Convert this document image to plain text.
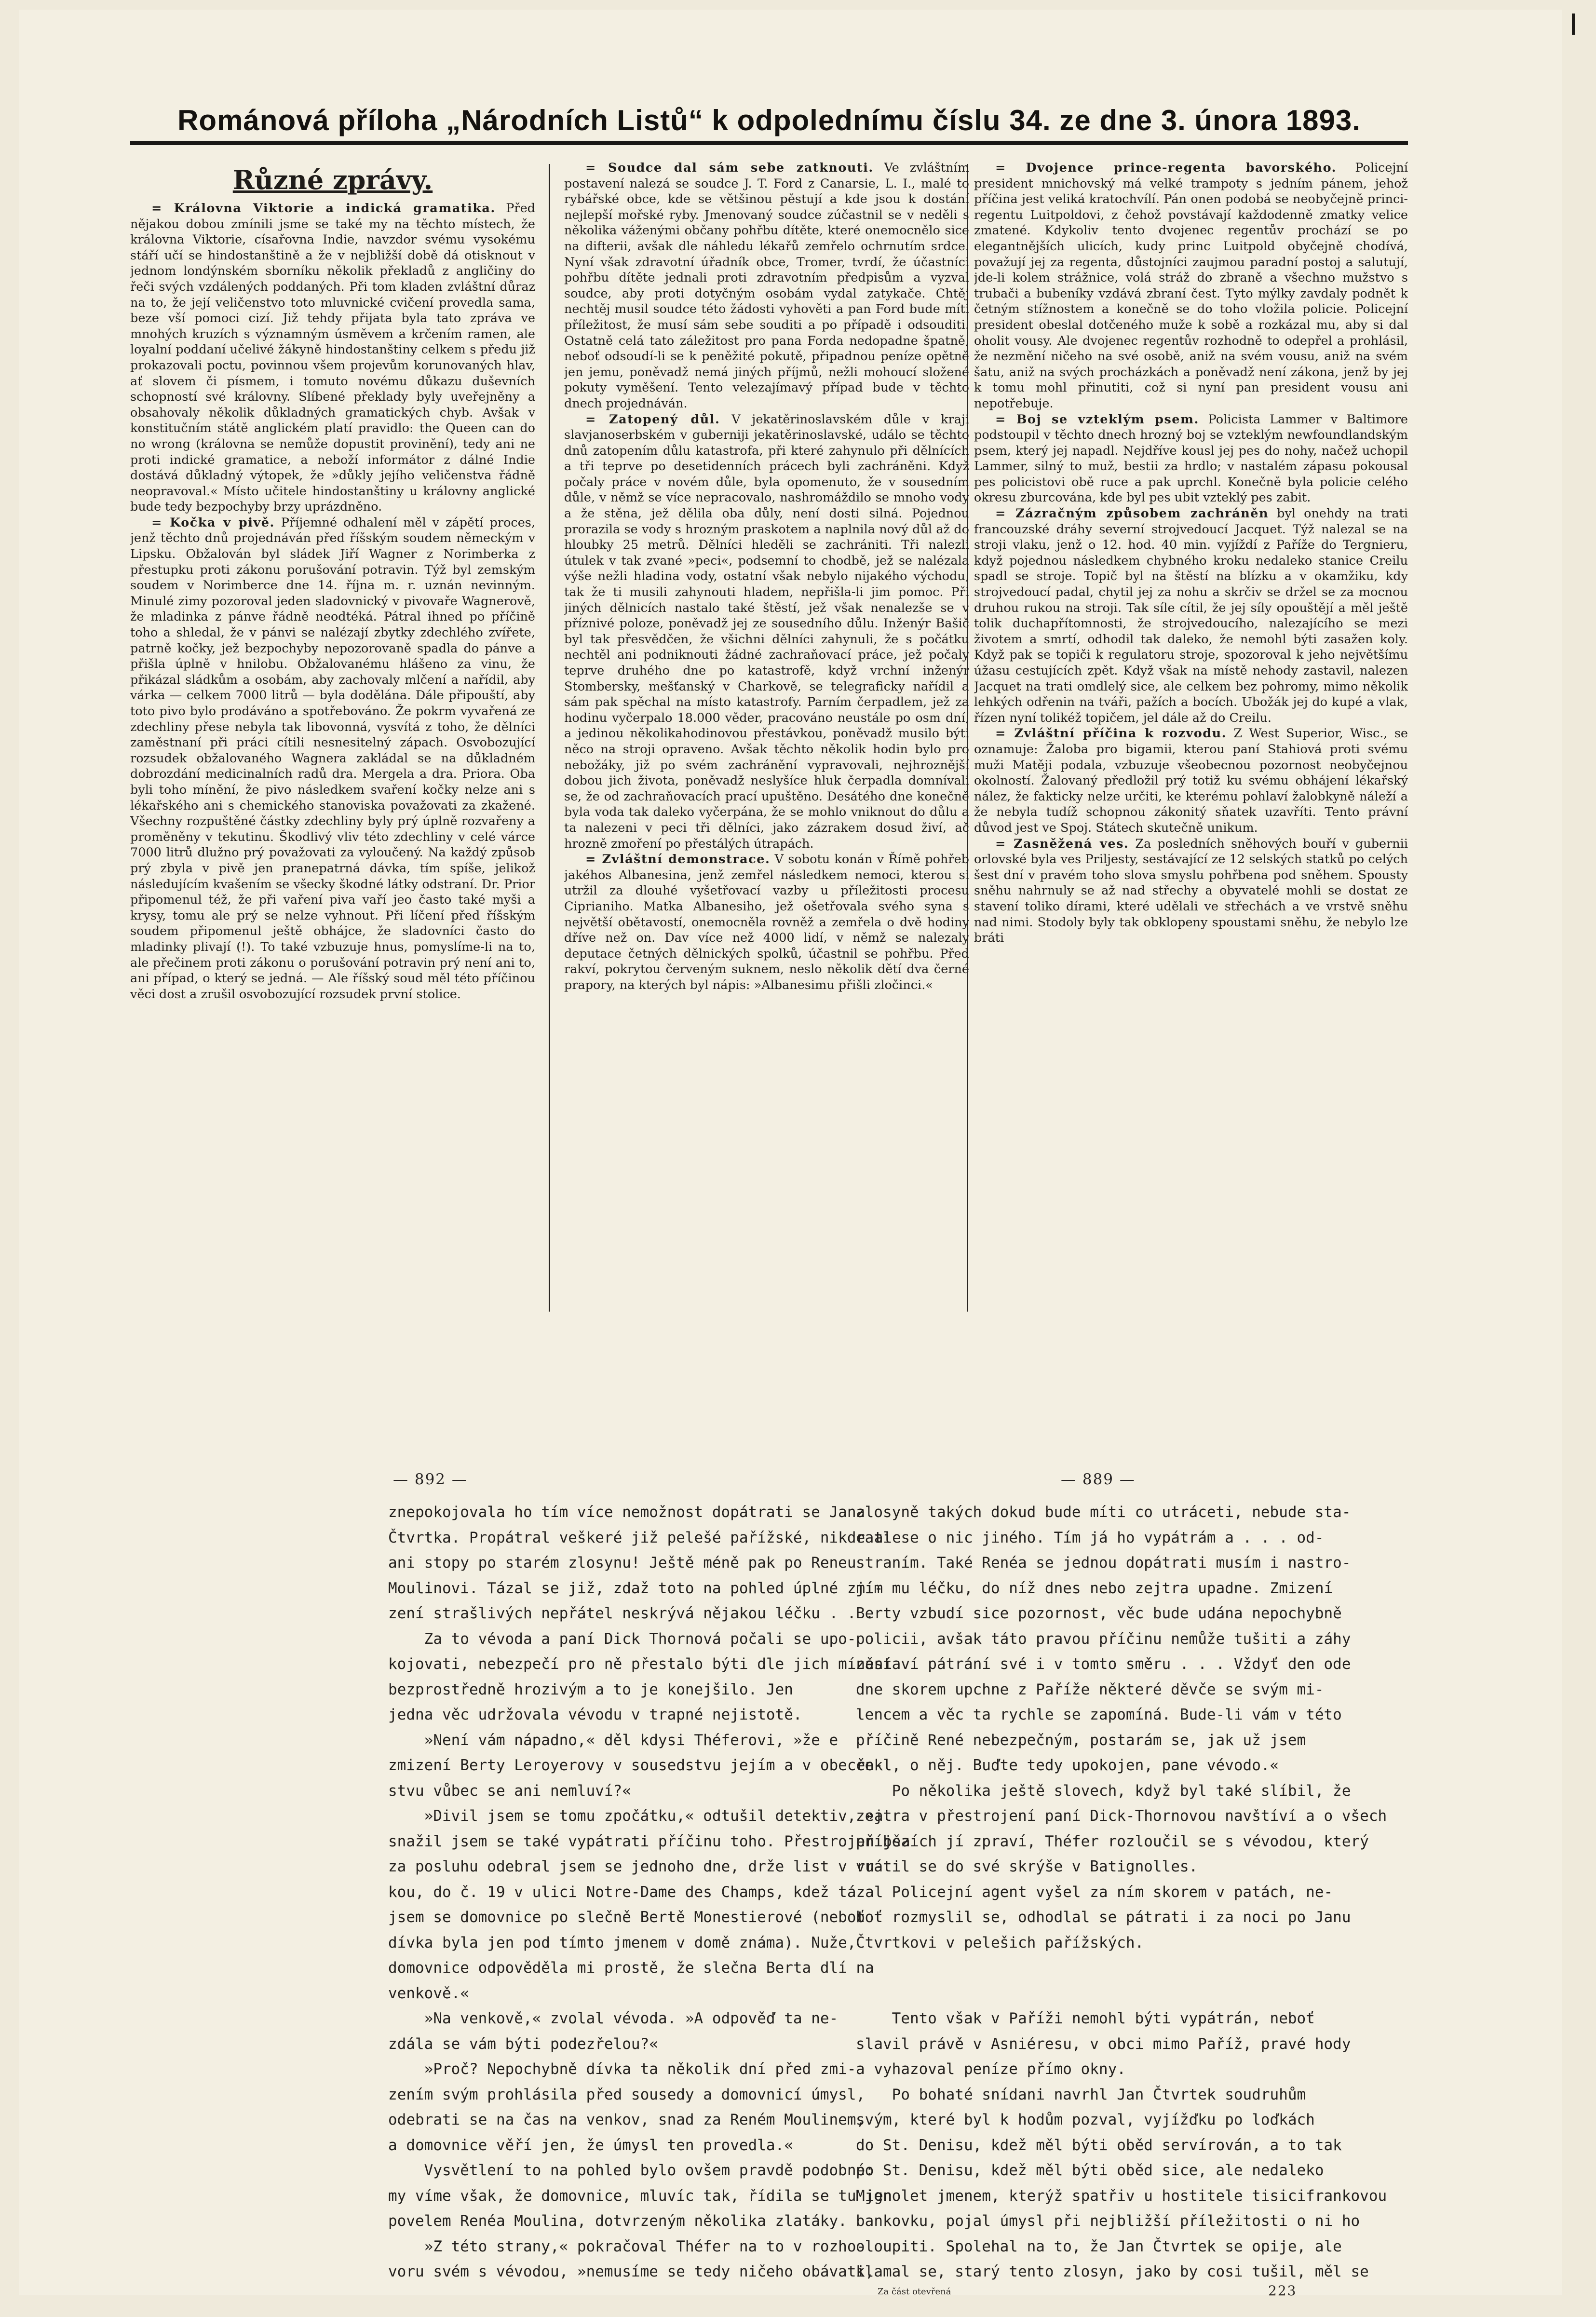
Románová příloha „Národních Listů“ k odpolednímu číslu 34. ze dne 3. února 1893.

Různé zprávy.

= Královna Viktorie a indická gramatika. Před nějakou dobou zmínili jsme se také my na těchto místech, že královna Viktorie, císařovna Indie, navzdor svému vysokému stáří učí se hindostanštině a že v nejbližší době dá otisknout v jednom londýnském sborníku několik překladů z angličiny do řeči svých vzdálených poddaných. Při tom kladen zvláštní důraz na to, že její veličenstvo toto mluvnické cvičení provedla sama, beze vší pomoci cizí. Již tehdy přijata byla tato zpráva ve mnohých kruzích s významným úsměvem a krčením ramen, ale loyalní poddaní učelivé žákyně hindostanštiny celkem s předu již prokazovali poctu, povinnou všem projevům korunovaných hlav, ať slovem či písmem, i tomuto novému důkazu duševních schopností své královny. Slíbené překlady byly uveřejněny a obsahovaly několik důkladných gramatických chyb. Avšak v konstitučním státě anglickém platí pravidlo: the Queen can do no wrong (královna se nemůže dopustit provinění), tedy ani ne proti indické gramatice, a neboží informátor z dálné Indie dostává důkladný výtopek, že »důkly jejího veličenstva řádně neopravoval.« Místo učitele hindostanštiny u královny anglické bude tedy bezpochyby brzy uprázdněno.

= Kočka v pivě. Příjemné odhalení měl v zápětí proces, jenž těchto dnů projednáván před říšským soudem německým v Lipsku. Obžalován byl sládek Jiří Wagner z Norimberka z přestupku proti zákonu porušování potravin. Týž byl zemským soudem v Norimberce dne 14. října m. r. uznán nevinným. Minulé zimy pozoroval jeden sladovnický v pivovaře Wagnerově, že mladinka z pánve řádně neodtéká. Pátral ihned po příčině toho a shledal, že v pánvi se nalézají zbytky zdechlého zvířete, patrně kočky, jež bezpochyby nepozorovaně spadla do pánve a přišla úplně v hnilobu. Obžalovanému hlášeno za vinu, že přikázal sládkům a osobám, aby zachovaly mlčení a nařídil, aby várka — celkem 7000 litrů — byla dodělána. Dále připouští, aby toto pivo bylo prodáváno a spotřebováno. Že pokrm vyvařená ze zdechliny přese nebyla tak libovonná, vysvítá z toho, že dělníci zaměstnaní při práci cítili nesnesitelný zápach. Osvobozující rozsudek obžalovaného Wagnera zakládal se na důkladném dobrozdání medicinalních radů dra. Mergela a dra. Priora. Oba byli toho mínění, že pivo následkem svaření kočky nelze ani s lékařského ani s chemického stanoviska považovati za zkažené. Všechny rozpuštěné částky zdechliny byly prý úplně rozvařeny a proměněny v tekutinu. Škodlivý vliv této zdechliny v celé várce 7000 litrů dlužno prý považovati za vyloučený. Na každý způsob prý zbyla v pivě jen pranepatrná dávka, tím spíše, jelikož následujícím kvašením se všecky škodné látky odstraní. Dr. Prior připomenul též, že při vaření piva vaří jeo často také myši a krysy, tomu ale prý se nelze vyhnout. Při líčení před říšským soudem připomenul ještě obhájce, že sladovníci často do mladinky plivají (!). To také vzbuzuje hnus, pomyslíme-li na to, ale přečinem proti zákonu o porušování potravin prý není ani to, ani případ, o který se jedná. — Ale říšský soud měl této příčinou věci dost a zrušil osvobozující rozsudek první stolice.

= Soudce dal sám sebe zatknouti. Ve zvláštním postavení nalezá se soudce J. T. Ford z Canarsie, L. I., malé to rybářské obce, kde se většinou pěstují a kde jsou k dostání nejlepší mořské ryby. Jmenovaný soudce zúčastnil se v neděli s několika váženými občany pohřbu dítěte, které onemocnělo sice na difterii, avšak dle náhledu lékařů zemřelo ochrnutím srdce. Nyní však zdravotní úřadník obce, Tromer, tvrdí, že účastníci pohřbu dítěte jednali proti zdravotním předpisům a vyzval soudce, aby proti dotyčným osobám vydal zatykače. Chtěj nechtěj musil soudce této žádosti vyhověti a pan Ford bude míti příležitost, že musí sám sebe souditi a po případě i odsouditi. Ostatně celá tato záležitost pro pana Forda nedopadne špatně, neboť odsoudí-li se k peněžité pokutě, připadnou peníze opětně jen jemu, poněvadž nemá jiných příjmů, nežli mohoucí složené pokuty vyměšení. Tento velezajímavý případ bude v těchto dnech projednáván.

= Zatopený důl. V jekatěrinoslavském důle v kraji slavjanoserbském v guberniji jekatěrinoslavské, událo se těchto dnů zatopením důlu katastrofa, při které zahynulo při dělnících a tři teprve po desetidenních prácech byli zachráněni. Když počaly práce v novém důle, byla opomenuto, že v sousedním důle, v němž se více nepracovalo, nashromáždilo se mnoho vody a že stěna, jež dělila oba důly, není dosti silná. Pojednou prorazila se vody s hrozným praskotem a naplnila nový důl až do hloubky 25 metrů. Dělníci hleděli se zachrániti. Tři nalezli útulek v tak zvané »peci«, podsemní to chodbě, jež se nalézala výše nežli hladina vody, ostatní však nebylo nijakého východu, tak že ti musili zahynouti hladem, nepřišla-li jim pomoc. Při jiných dělnicích nastalo také štěstí, jež však nenalezše se v příznivé poloze, poněvadž jej ze sousedního důlu. Inženýr Bašič byl tak přesvědčen, že všichni dělníci zahynuli, že s počátku nechtěl ani podniknouti žádné zachraňovací práce, jež počaly teprve druhého dne po katastrofě, když vrchní inženýr Stombersky, mešťanský v Charkově, se telegraficky nařídil a sám pak spěchal na místo katastrofy. Parním čerpadlem, jež za hodinu vyčerpalo 18.000 věder, pracováno neustále po osm dní, a jedinou několikahodinovou přestávkou, poněvadž musilo býti něco na stroji opraveno. Avšak těchto několik hodin bylo pro nebožáky, již po svém zachránění vypravovali, nejhroznější dobou jich života, poněvadž neslyšíce hluk čerpadla domnívali se, že od zachraňovacích prací upuštěno. Desátého dne konečně byla voda tak daleko vyčerpána, že se mohlo vniknout do důlu a ta nalezeni v peci tři dělníci, jako zázrakem dosud živí, ač hrozně zmoření po přestálých útrapách.

= Zvláštní demonstrace. V sobotu konán v Římě pohřeb jakéhos Albanesina, jenž zemřel následkem nemoci, kterou si utržil za dlouhé vyšetřovací vazby u příležitosti procesu Ciprianiho. Matka Albanesiho, jež ošetřovala svého syna s největší obětavostí, onemocněla rovněž a zemřela o dvě hodiny dříve než on. Dav více než 4000 lidí, v němž se nalezaly deputace četných dělnických spolků, účastnil se pohřbu. Před rakví, pokrytou červeným suknem, neslo několik dětí dva černé prapory, na kterých byl nápis: »Albanesimu přišli zločinci.«

= Dvojence prince-regenta bavorského. Policejní president mnichovský má velké trampoty s jedním pánem, jehož příčina jest veliká kratochvílí. Pán onen podobá se neobyčejně princi-regentu Luitpoldovi, z čehož povstávají každodenně zmatky velice zmatené. Kdykoliv tento dvojenec regentův prochází se po elegantnějších ulicích, kudy princ Luitpold obyčejně chodívá, považují jej za regenta, důstojníci zaujmou paradní postoj a salutují, jde-li kolem strážnice, volá stráž do zbraně a všechno mužstvo s trubači a bubeníky vzdává zbraní čest. Tyto mýlky zavdaly podnět k četným stížnostem a konečně se do toho vložila policie. Policejní president obeslal dotčeného muže k sobě a rozkázal mu, aby si dal oholit vousy. Ale dvojenec regentův rozhodně to odepřel a prohlásil, že nezmění ničeho na své osobě, aniž na svém vousu, aniž na svém šatu, aniž na svých procházkách a poněvadž není zákona, jenž by jej k tomu mohl přinutiti, což si nyní pan president vousu ani nepotřebuje.

= Boj se vzteklým psem. Policista Lammer v Baltimore podstoupil v těchto dnech hrozný boj se vzteklým newfoundlandským psem, který jej napadl. Nejdříve kousl jej pes do nohy, načež uchopil Lammer, silný to muž, bestii za hrdlo; v nastalém zápasu pokousal pes policistovi obě ruce a pak uprchl. Konečně byla policie celého okresu zburcována, kde byl pes ubit vzteklý pes zabit.

= Zázračným způsobem zachráněn byl onehdy na trati francouzské dráhy severní strojvedoucí Jacquet. Týž nalezal se na stroji vlaku, jenž o 12. hod. 40 min. vyjíždí z Paříže do Tergnieru, když pojednou následkem chybného kroku nedaleko stanice Creilu spadl se stroje. Topič byl na štěstí na blízku a v okamžiku, kdy strojvedoucí padal, chytil jej za nohu a skrčiv se držel se za mocnou druhou rukou na stroji. Tak síle cítil, že jej síly opouštějí a měl ještě tolik duchapřítomnosti, že strojvedoucího, nalezajícího se mezi životem a smrtí, odhodil tak daleko, že nemohl býti zasažen koly. Když pak se topiči k regulatoru stroje, spozoroval k jeho největšímu úžasu cestujících zpět. Když však na místě nehody zastavil, nalezen Jacquet na trati omdlelý sice, ale celkem bez pohromy, mimo několik lehkých odřenin na tváři, pažích a bocích. Ubožák jej do kupé a vlak, řízen nyní tolikéž topičem, jel dále až do Creilu.

= Zvláštní příčina k rozvodu. Z West Superior, Wisc., se oznamuje: Žaloba pro bigamii, kterou paní Stahiová proti svému muži Matěji podala, vzbuzuje všeobecnou pozornost neobyčejnou okolností. Žalovaný předložil prý totiž ku svému obhájení lékařský nález, že fakticky nelze určiti, ke kterému pohlaví žalobkyně náleží a že nebyla tudíž schopnou zákonitý sňatek uzavříti. Tento právní důvod jest ve Spoj. Státech skutečně unikum.

= Zasněžená ves. Za posledních sněhových bouří v gubernii orlovské byla ves Prilјesty, sestávající ze 12 selských statků po celých šest dní v pravém toho slova smyslu pohřbena pod sněhem. Spousty sněhu nahrnuly se až nad střechy a obyvatelé mohli se dostat ze stavení toliko dírami, které udělali ve střechách a ve vrstvě sněhu nad nimi. Stodoly byly tak obklopeny spoustami sněhu, že nebylo lze bráti

— 892 —	— 889 —
znepokojovala ho tím více nemožnost dopátrati se Jana
Čtvrtka. Propátral veškeré již pelešé pařížské, nikde ale
ani stopy po starém zlosynu! Ještě méně pak po Reneu
Moulinovi. Tázal se již, zdaž toto na pohled úplné zmi-
zení strašlivých nepřátel neskrývá nějakou léčku . . .
Za to vévoda a paní Dick Thornová počali se upo-
kojovati, nebezpečí pro ně přestalo býti dle jich mínění
bezprostředně hrozivým a to je konejšilo. Jen
jedna věc udržovala vévodu v trapné nejistotě.
»Není vám nápadno,« děl kdysi Théferovi, »že e
zmizení Berty Leroyerovy v sousedstvu jejím a v obecen-
stvu vůbec se ani nemluví?«
»Divil jsem se tomu zpočátku,« odtušil detektiv, »a
snažil jsem se také vypátrati příčinu toho. Přestrojen jsa
za posluhu odebral jsem se jednoho dne, drže list v ru-
kou, do č. 19 v ulici Notre-Dame des Champs, kdež tázal
jsem se domovnice po slečně Bertě Monestierové (neboť
dívka byla jen pod tímto jmenem v domě známa). Nuže,
domovnice odpověděla mi prostě, že slečna Berta dlí na
venkově.«
»Na venkově,« zvolal vévoda. »A odpověď ta ne-
zdála se vám býti podezřelou?«
»Proč? Nepochybně dívka ta několik dní před zmi-
zením svým prohlásila před sousedy a domovnicí úmysl,
odebrati se na čas na venkov, snad za Reném Moulinem,
a domovnice věří jen, že úmysl ten provedla.«
Vysvětlení to na pohled bylo ovšem pravdě podobné:
my víme však, že domovnice, mluvíc tak, řídila se tu jen
povelem Renéa Moulina, dotvrzeným několika zlatáky.
»Z této strany,« pokračoval Théfer na to v rozho-
voru svém s vévodou, »nemusíme se tedy ničeho obávati,
zlosyně takých dokud bude míti co utráceti, nebude sta-
rati se o nic jiného. Tím já ho vypátrám a . . . od-
straním. Také Renéa se jednou dopátrati musím i nastro-
jím mu léčku, do níž dnes nebo zejtra upadne. Zmizení
Berty vzbudí sice pozornost, věc bude udána nepochybně
policii, avšak táto pravou příčinu nemůže tušiti a záhy
zastaví pátrání své i v tomto směru . . . Vždyť den ode
dne skorem upchne z Paříže některé děvče se svým mi-
lencem a věc ta rychle se zapomíná. Bude-li vám v této
příčině René nebezpečným, postarám se, jak už jsem
řekl, o něj. Buďte tedy upokojen, pane vévodo.«
Po několika ještě slovech, když byl také slíbil, že
zejtra v přestrojení paní Dick-Thornovou navštíví a o všech
příbězích jí zpraví, Théfer rozloučil se s vévodou, který
vrátil se do své skrýše v Batignolles.
Policejní agent vyšel za ním skorem v patách, ne-
boť rozmyslil se, odhodlal se pátrati i za noci po Janu
Čtvrtkovi v pelešich pařížských.

Tento však v Paříži nemohl býti vypátrán, neboť
slavil právě v Asniéresu, v obci mimo Paříž, pravé hody
a vyhazoval peníze přímo okny.
Po bohaté snídani navrhl Jan Čtvrtek soudruhům
svým, které byl k hodům pozval, vyjížďku po loďkách
do St. Denisu, kdež měl býti oběd servírován, a to tak
po St. Denisu, kdež měl býti oběd sice, ale nedaleko
Mignolet jmenem, kterýž spatřiv u hostitele tisicifrankovou
bankovku, pojal úmysl při nejbližší příležitosti o ni ho
oloupiti. Spolehal na to, že Jan Čtvrtek se opije, ale
klamal se, starý tento zlosyn, jako by cosi tušil, měl se
Za část otevřená	223
